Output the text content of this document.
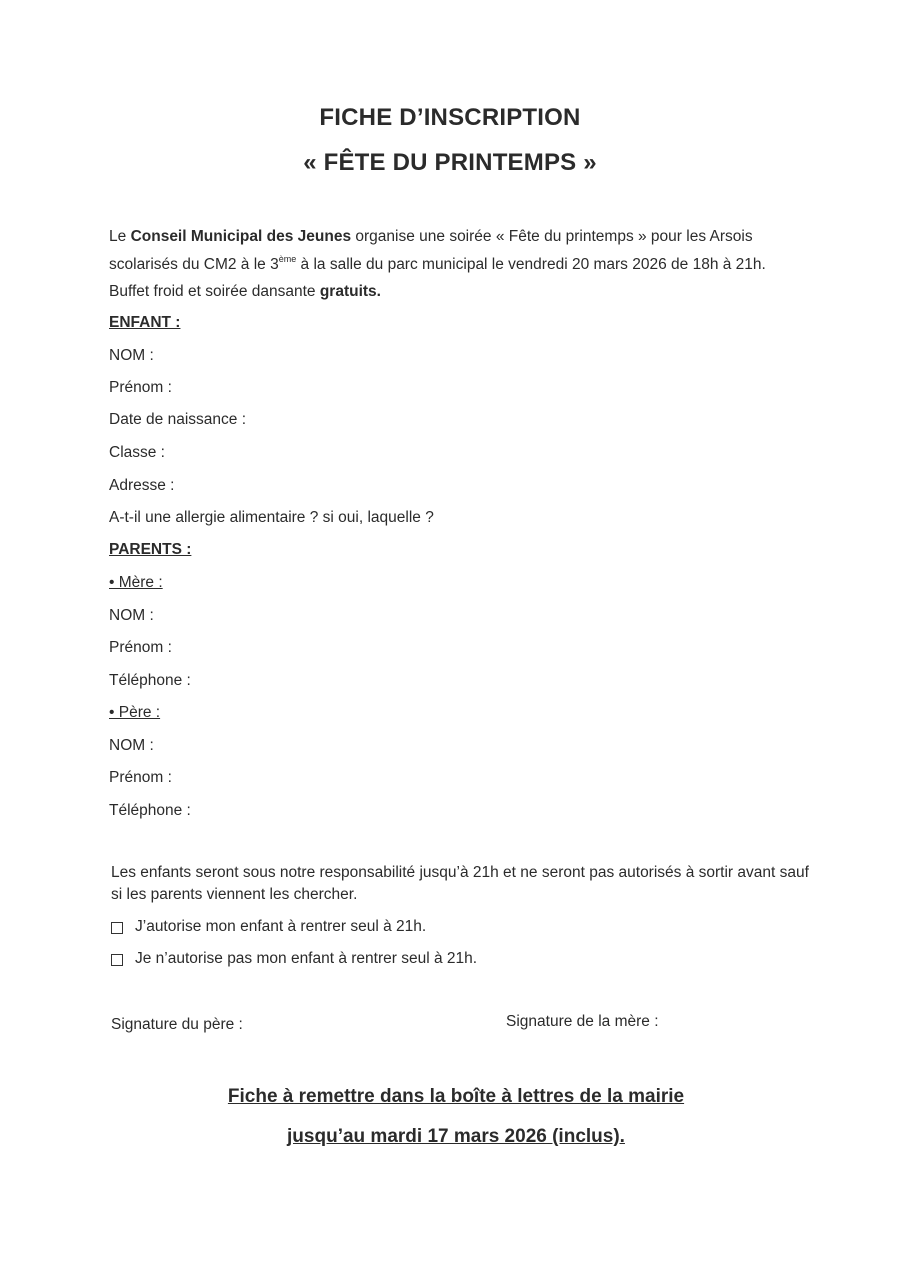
FICHE D’INSCRIPTION
« FÊTE DU PRINTEMPS »
Le Conseil Municipal des Jeunes organise une soirée « Fête du printemps » pour les Arsois scolarisés du CM2 à le 3ème à la salle du parc municipal le vendredi 20 mars 2026 de 18h à 21h.
Buffet froid et soirée dansante gratuits.
ENFANT :
NOM :
Prénom :
Date de naissance :
Classe :
Adresse :
A-t-il une allergie alimentaire ? si oui, laquelle ?
PARENTS :
• Mère :
NOM :
Prénom :
Téléphone :
• Père :
NOM :
Prénom :
Téléphone :
Les enfants seront sous notre responsabilité jusqu’à 21h et ne seront pas autorisés à sortir avant sauf si les parents viennent les chercher.
J’autorise mon enfant à rentrer seul à 21h.
Je n’autorise pas mon enfant à rentrer seul à 21h.
Signature du père :	Signature de la mère :
Fiche à remettre dans la boîte à lettres de la mairie
jusqu’au mardi 17 mars 2026 (inclus).
